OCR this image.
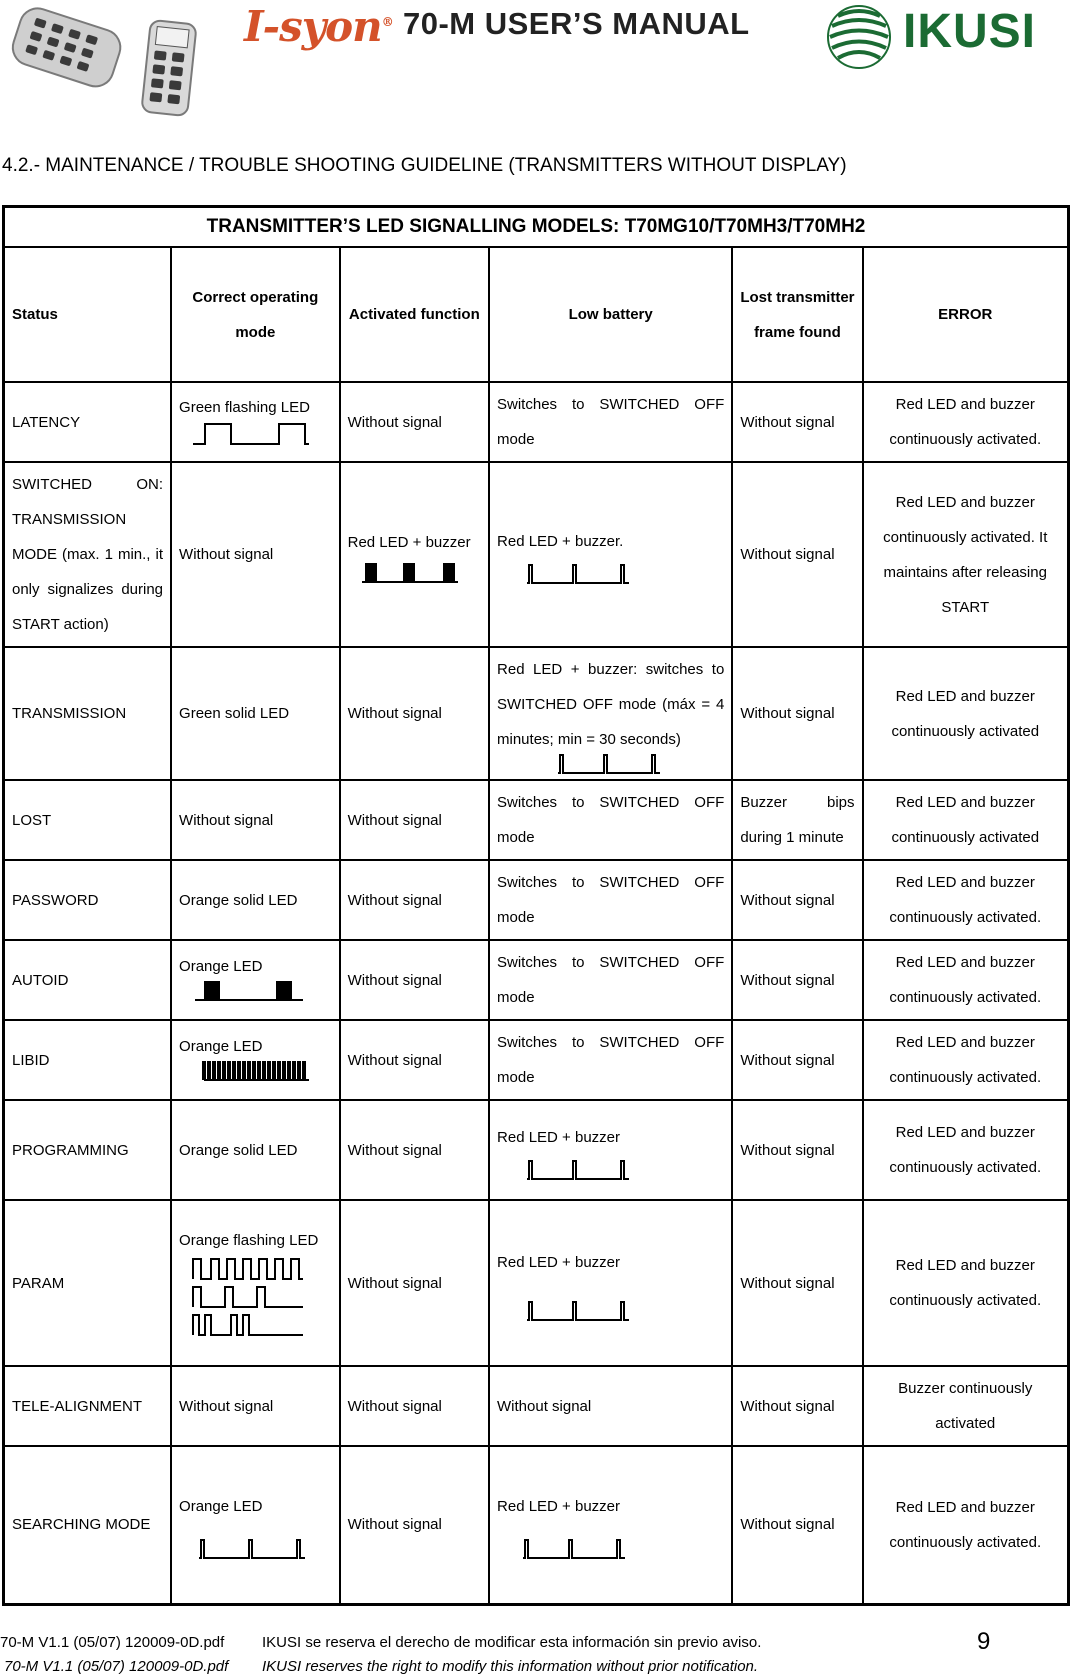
I-syon® 70-M USER’S MANUAL	IKUSI
4.2.- MAINTENANCE / TROUBLE SHOOTING GUIDELINE (TRANSMITTERS WITHOUT DISPLAY)
TRANSMITTER’S LED SIGNALLING MODELS: T70MG10/T70MH3/T70MH2					
Status	Correct operating mode	Activated function	Low battery	Lost transmitter frame found	ERROR
LATENCY	Green flashing LED	Without signal	Switches to SWITCHED OFF mode	Without signal	Red LED and buzzer continuously activated.
SWITCHED ON: TRANSMISSION MODE (max. 1 min., it only signalizes during START action)	Without signal	Red LED + buzzer	Red LED + buzzer.	Without signal	Red LED and buzzer continuously activated. It maintains after releasing START
TRANSMISSION	Green solid LED	Without signal	Red LED + buzzer: switches to SWITCHED OFF mode (máx = 4 minutes; min = 30 seconds)	Without signal	Red LED and buzzer continuously activated
LOST	Without signal	Without signal	Switches to SWITCHED OFF mode	Buzzer bips during 1 minute	Red LED and buzzer continuously activated
PASSWORD	Orange solid LED	Without signal	Switches to SWITCHED OFF mode	Without signal	Red LED and buzzer continuously activated.
AUTOID	Orange LED	Without signal	Switches to SWITCHED OFF mode	Without signal	Red LED and buzzer continuously activated.
LIBID	Orange LED	Without signal	Switches to SWITCHED OFF mode	Without signal	Red LED and buzzer continuously activated.
PROGRAMMING	Orange solid LED	Without signal	Red LED + buzzer	Without signal	Red LED and buzzer continuously activated.
PARAM	Orange flashing LED	Without signal	Red LED + buzzer	Without signal	Red LED and buzzer continuously activated.
TELE-ALIGNMENT	Without signal	Without signal	Without signal	Without signal	Buzzer continuously activated
SEARCHING MODE	Orange LED	Without signal	Red LED + buzzer	Without signal	Red LED and buzzer continuously activated.
70-M V1.1 (05/07) 120009-0D.pdf	IKUSI se reserva el derecho de modificar esta información sin previo aviso.	9
70-M V1.1 (05/07) 120009-0D.pdf IKUSI reserves the right to modify this information without prior notification.
